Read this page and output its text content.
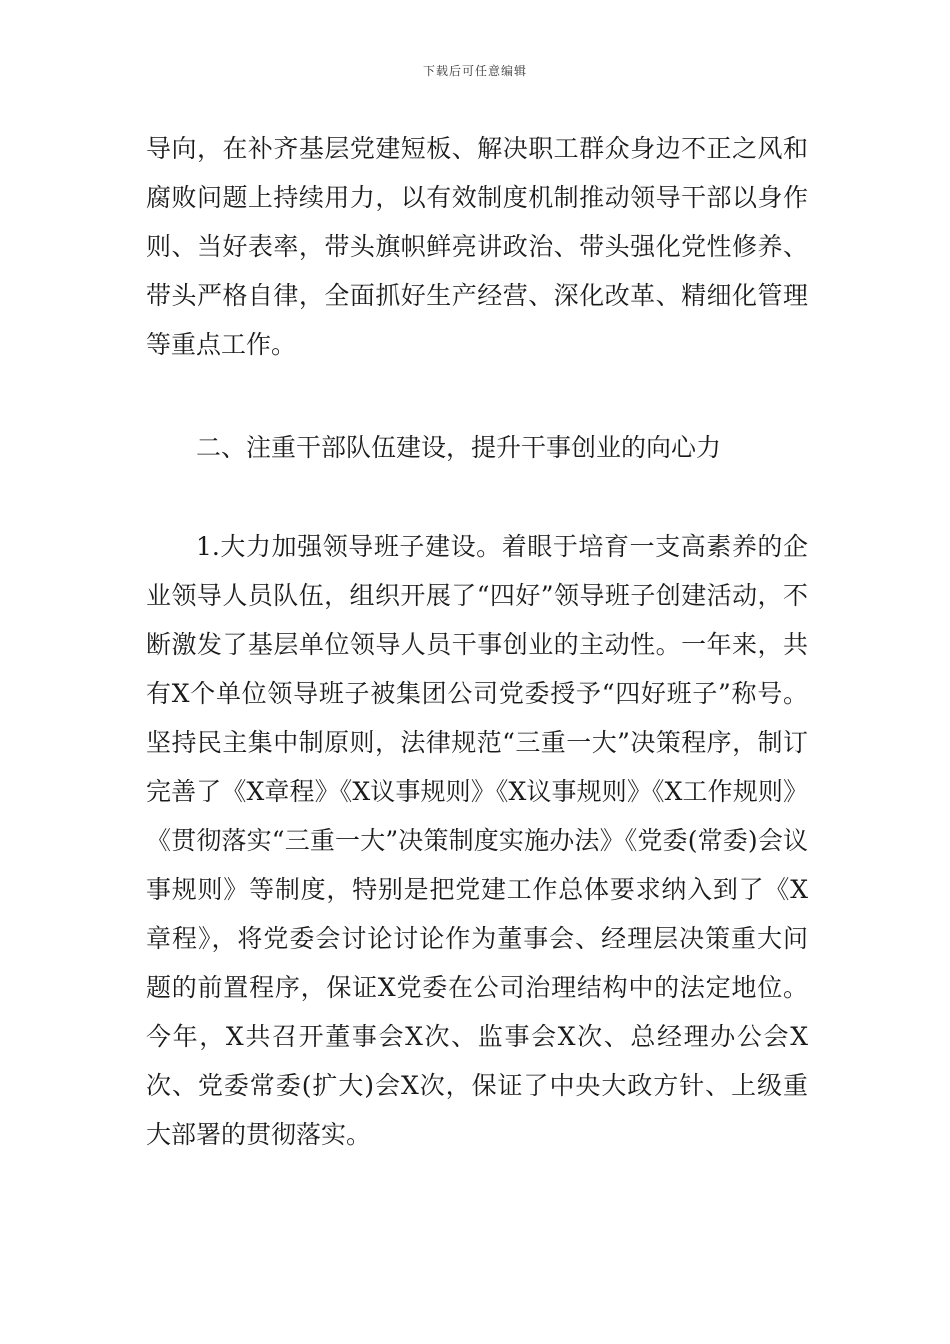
下载后可任意编辑

导向，在补齐基层党建短板、解决职工群众身边不正之风和腐败问题上持续用力，以有效制度机制推动领导干部以身作则、当好表率，带头旗帜鲜亮讲政治、带头强化党性修养、带头严格自律，全面抓好生产经营、深化改革、精细化管理等重点工作。

二、注重干部队伍建设，提升干事创业的向心力

1.大力加强领导班子建设。着眼于培育一支高素养的企业领导人员队伍，组织开展了“四好”领导班子创建活动，不断激发了基层单位领导人员干事创业的主动性。一年来，共有X个单位领导班子被集团公司党委授予“四好班子”称号。坚持民主集中制原则，法律规范“三重一大”决策程序，制订完善了《X章程》《X议事规则》《X议事规则》《X工作规则》《贯彻落实“三重一大”决策制度实施办法》《党委(常委)会议事规则》等制度，特别是把党建工作总体要求纳入到了《X章程》，将党委会讨论讨论作为董事会、经理层决策重大问题的前置程序，保证X党委在公司治理结构中的法定地位。今年，X共召开董事会X次、监事会X次、总经理办公会X次、党委常委(扩大)会X次，保证了中央大政方针、上级重大部署的贯彻落实。
